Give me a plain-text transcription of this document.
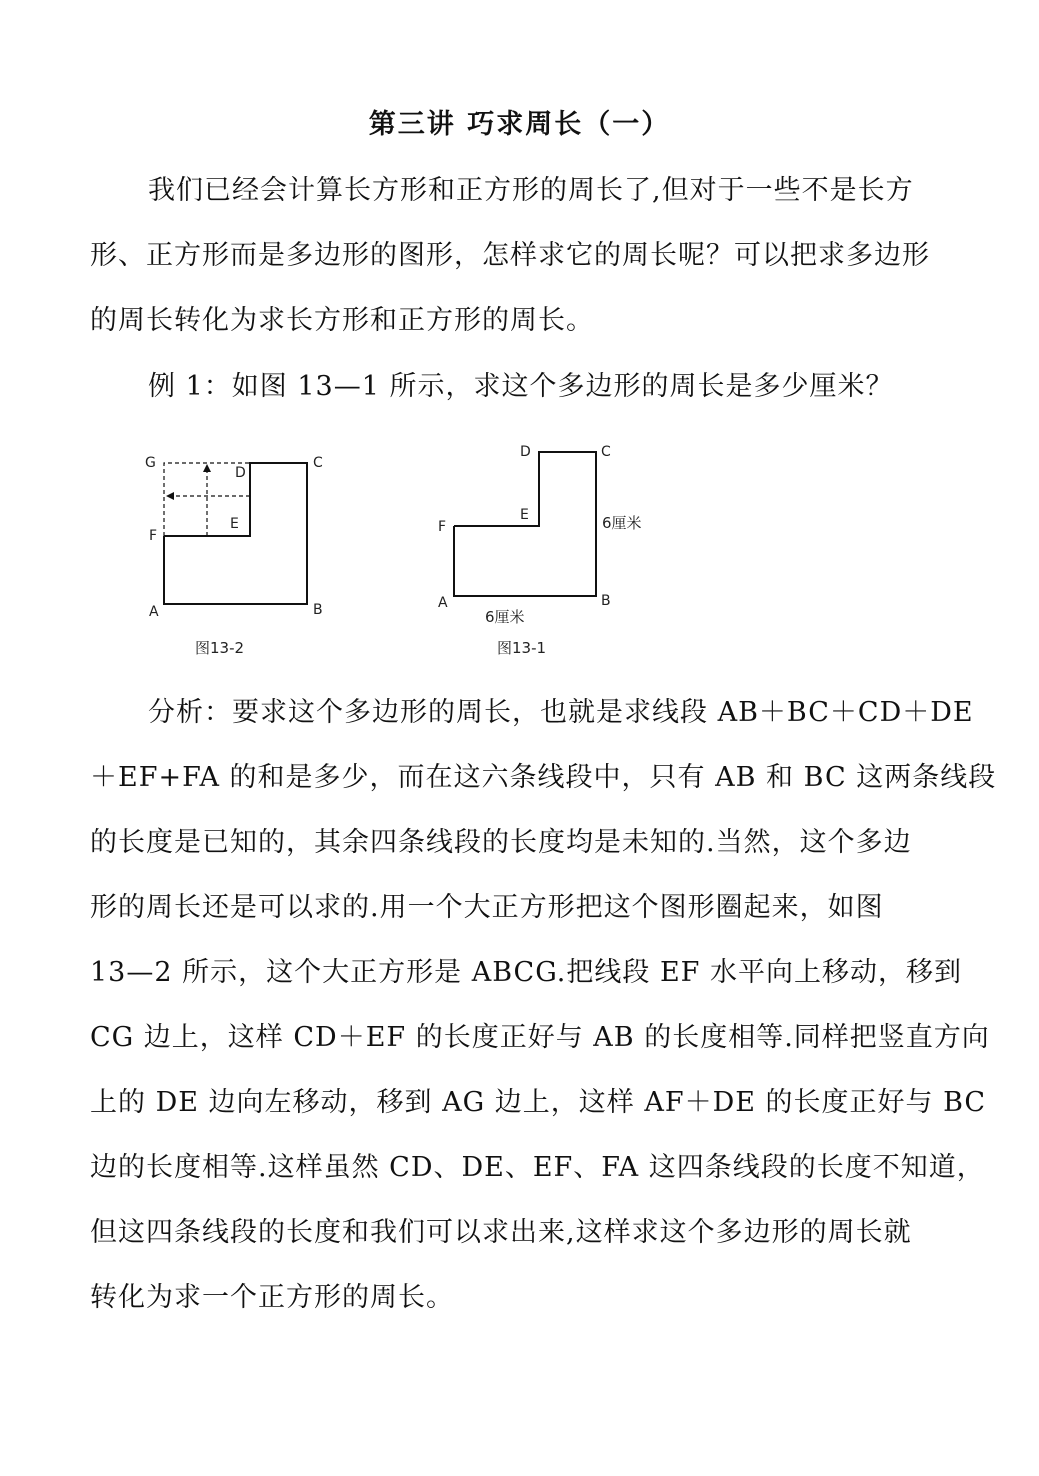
第三讲 巧求周长（一）
我们已经会计算长方形和正方形的周长了,但对于一些不是长方
形、正方形而是多边形的图形，怎样求它的周长呢？可以把求多边形
的周长转化为求长方形和正方形的周长。
例 1：如图 13—1 所示，求这个多边形的周长是多少厘米？
G
D
C
E
F
A	B
图13-2
D	C
E
F
A	B
6厘米
6厘米
图13-1
分析：要求这个多边形的周长，也就是求线段 AB＋BC＋CD＋DE
＋EF+FA 的和是多少，而在这六条线段中，只有 AB 和 BC 这两条线段
的长度是已知的，其余四条线段的长度均是未知的.当然，这个多边
形的周长还是可以求的.用一个大正方形把这个图形圈起来，如图
13—2 所示，这个大正方形是 ABCG.把线段 EF 水平向上移动，移到
CG 边上，这样 CD＋EF 的长度正好与 AB 的长度相等.同样把竖直方向
上的 DE 边向左移动，移到 AG 边上，这样 AF＋DE 的长度正好与 BC
边的长度相等.这样虽然 CD、DE、EF、FA 这四条线段的长度不知道，
但这四条线段的长度和我们可以求出来,这样求这个多边形的周长就
转化为求一个正方形的周长。
